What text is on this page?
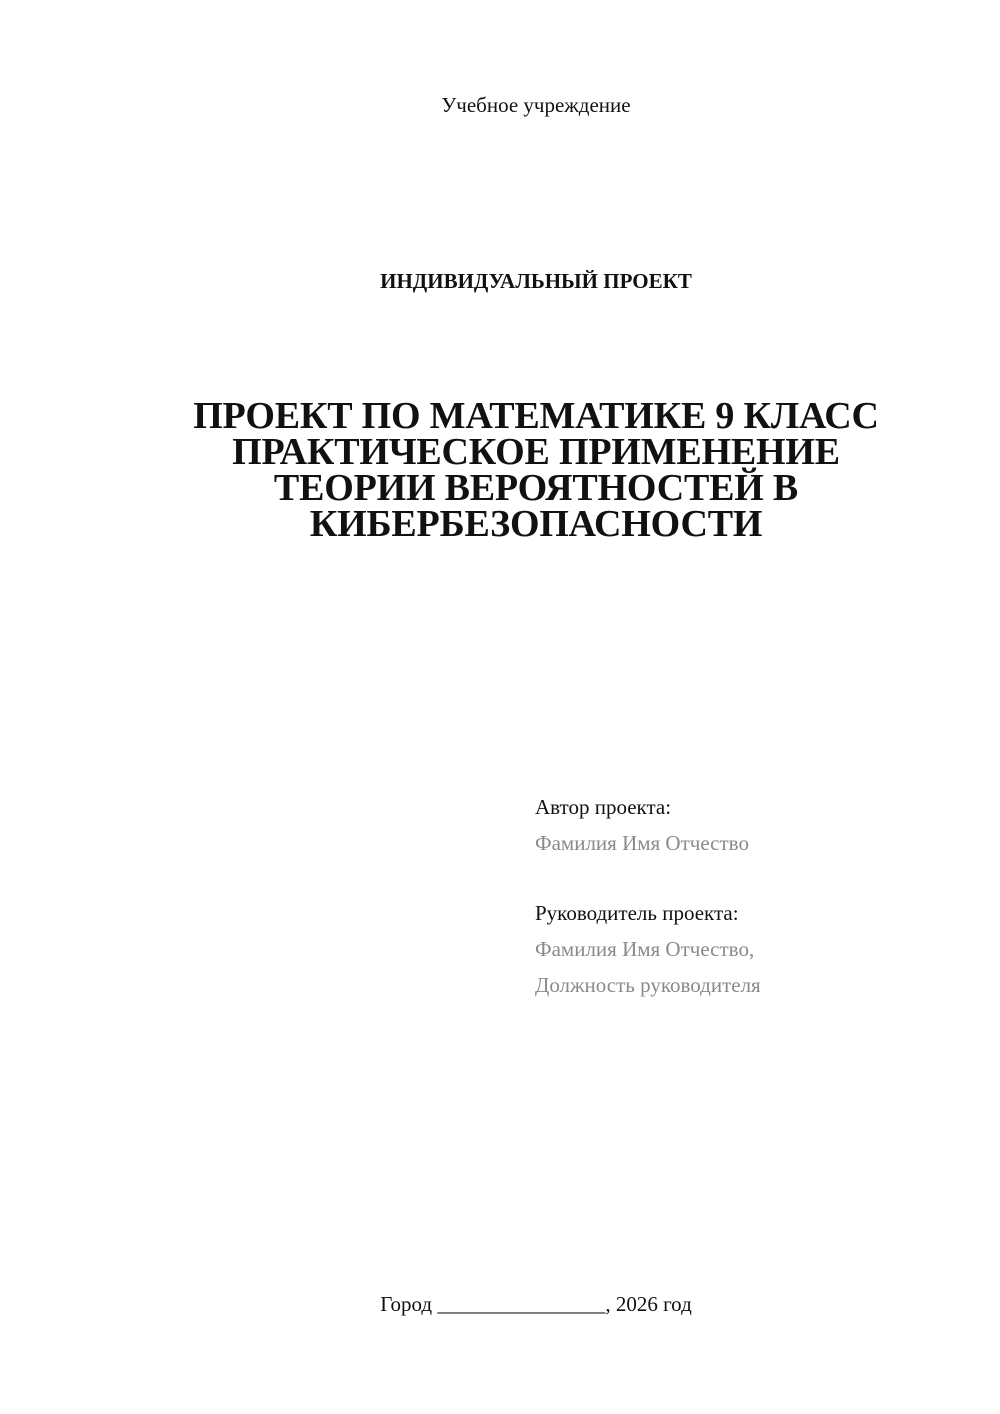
Учебное учреждение
ИНДИВИДУАЛЬНЫЙ ПРОЕКТ
ПРОЕКТ ПО МАТЕМАТИКЕ 9 КЛАСС
ПРАКТИЧЕСКОЕ ПРИМЕНЕНИЕ
ТЕОРИИ ВЕРОЯТНОСТЕЙ В
КИБЕРБЕЗОПАСНОСТИ
Автор проекта:
Фамилия Имя Отчество
Руководитель проекта:
Фамилия Имя Отчество,
Должность руководителя
Город ________________, 2026 год
